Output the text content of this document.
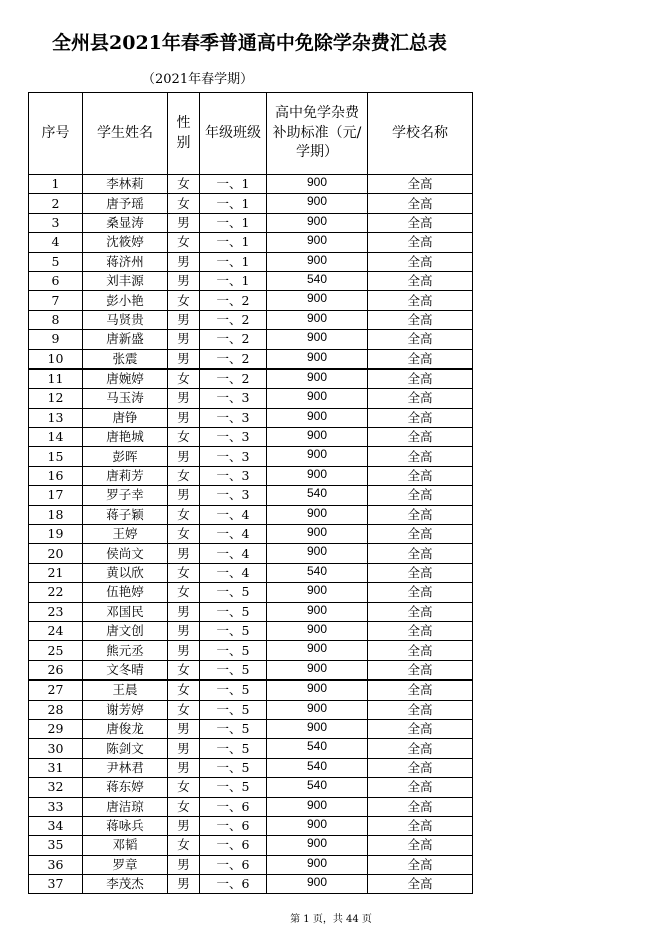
全州县2021年春季普通高中免除学杂费汇总表
（2021年春学期）
序号	学生姓名	性别	年级班级	高中免学杂费补助标准（元/学期）	学校名称
1	李林莉	女	一、1	900	全高
2	唐予瑶	女	一、1	900	全高
3	桑显涛	男	一、1	900	全高
4	沈筱婷	女	一、1	900	全高
5	蒋济州	男	一、1	900	全高
6	刘丰源	男	一、1	540	全高
7	彭小艳	女	一、2	900	全高
8	马贤贵	男	一、2	900	全高
9	唐新盛	男	一、2	900	全高
10	张震	男	一、2	900	全高
11	唐婉婷	女	一、2	900	全高
12	马玉涛	男	一、3	900	全高
13	唐铮	男	一、3	900	全高
14	唐艳城	女	一、3	900	全高
15	彭晖	男	一、3	900	全高
16	唐莉芳	女	一、3	900	全高
17	罗子幸	男	一、3	540	全高
18	蒋子颖	女	一、4	900	全高
19	王婷	女	一、4	900	全高
20	侯尚文	男	一、4	900	全高
21	黄以欣	女	一、4	540	全高
22	伍艳婷	女	一、5	900	全高
23	邓国民	男	一、5	900	全高
24	唐文创	男	一、5	900	全高
25	熊元丞	男	一、5	900	全高
26	文冬晴	女	一、5	900	全高
27	王晨	女	一、5	900	全高
28	谢芳婷	女	一、5	900	全高
29	唐俊龙	男	一、5	900	全高
30	陈剑文	男	一、5	540	全高
31	尹林君	男	一、5	540	全高
32	蒋东婷	女	一、5	540	全高
33	唐洁琼	女	一、6	900	全高
34	蒋咏兵	男	一、6	900	全高
35	邓韬	女	一、6	900	全高
36	罗章	男	一、6	900	全高
37	李茂杰	男	一、6	900	全高
第 1 页，共 44 页
